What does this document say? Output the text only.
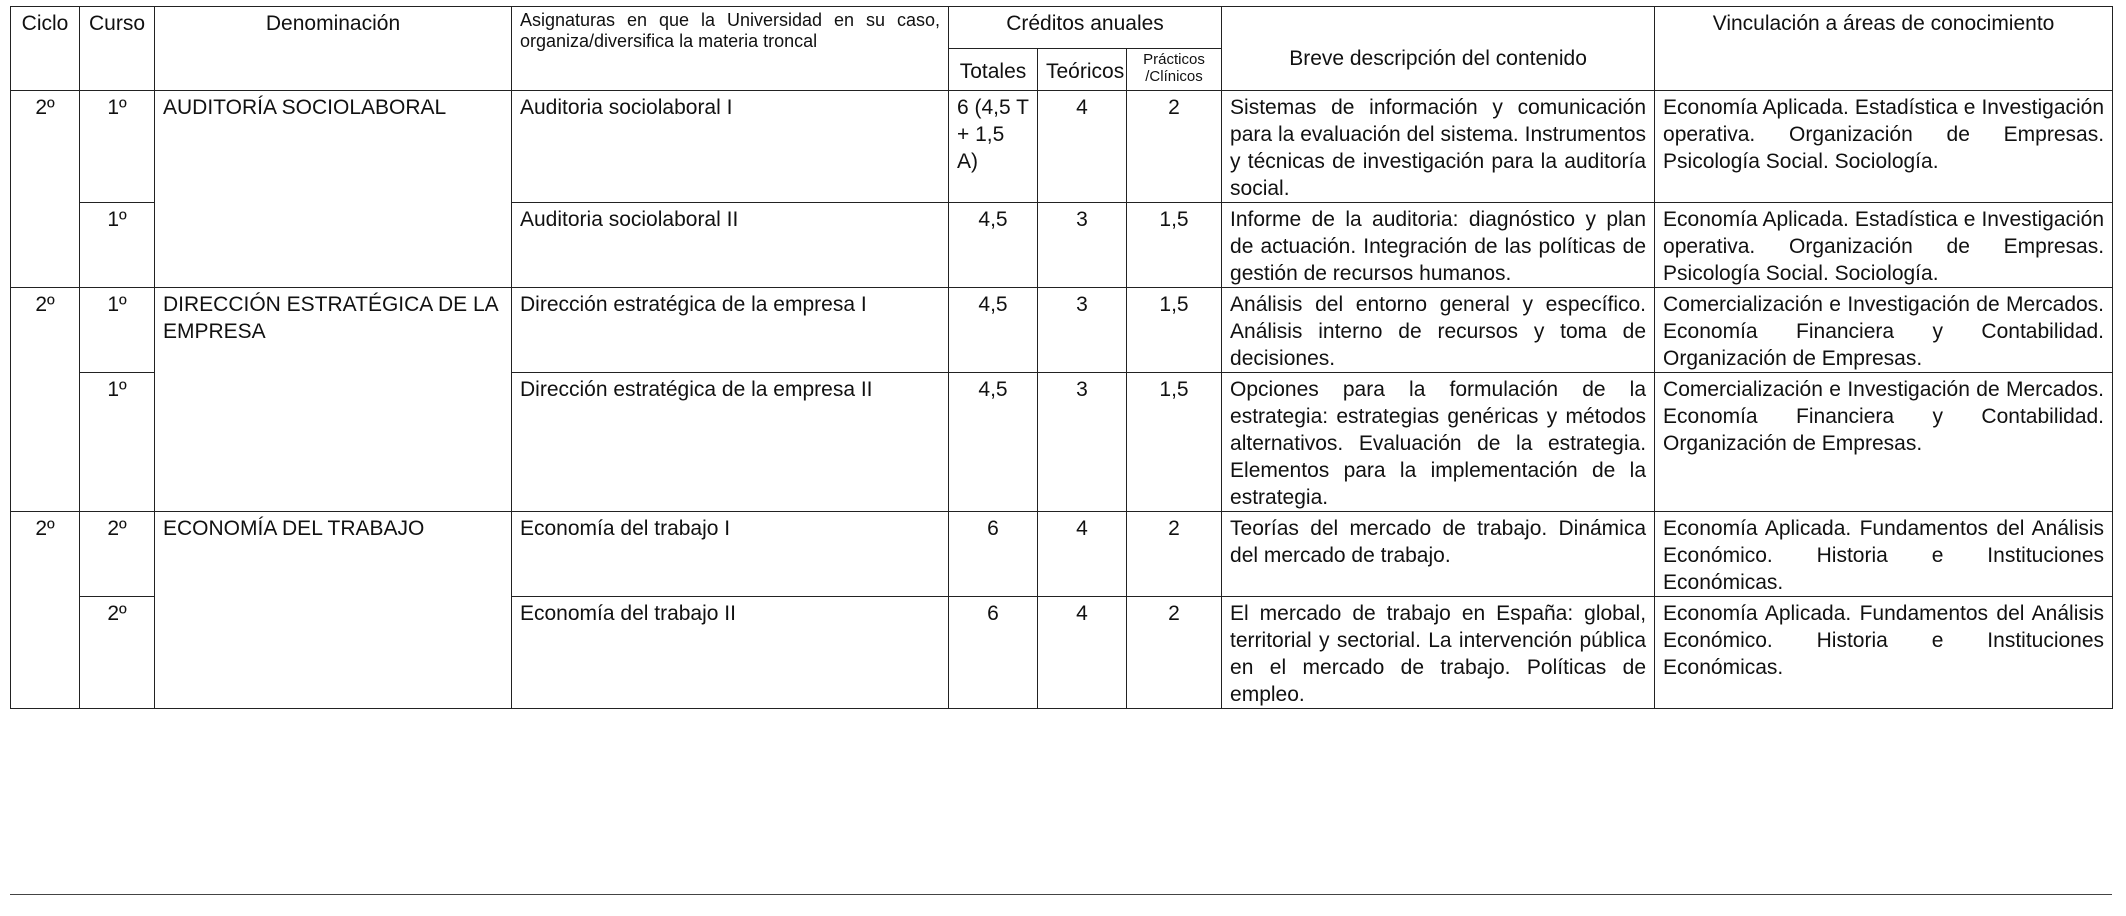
Ciclo	Curso	Denominación	Asignaturas en que la Universidad en su caso, organiza/diversifica la materia troncal	Créditos anuales			Breve descripción del contenido	Vinculación a áreas de conocimiento
				Totales	Teóricos	Prácticos /Clínicos		
2º	1º	AUDITORÍA SOCIOLABORAL	Auditoria sociolaboral I	6 (4,5 T + 1,5 A)	4	2	Sistemas de información y comunicación para la evaluación del sistema. Instrumentos y técnicas de investigación para la auditoría social.	Economía Aplicada. Estadística e Investigación operativa. Organización de Empresas. Psicología Social. Sociología.
	1º		Auditoria sociolaboral II	4,5	3	1,5	Informe de la auditoria: diagnóstico y plan de actuación. Integración de las políticas de gestión de recursos humanos.	Economía Aplicada. Estadística e Investigación operativa. Organización de Empresas. Psicología Social. Sociología.
2º	1º	DIRECCIÓN ESTRATÉGICA DE LA EMPRESA	Dirección estratégica de la empresa I	4,5	3	1,5	Análisis del entorno general y específico. Análisis interno de recursos y toma de decisiones.	Comercialización e Investigación de Mercados. Economía Financiera y Contabilidad. Organización de Empresas.
	1º		Dirección estratégica de la empresa II	4,5	3	1,5	Opciones para la formulación de la estrategia: estrategias genéricas y métodos alternativos. Evaluación de la estrategia. Elementos para la implementación de la estrategia.	Comercialización e Investigación de Mercados. Economía Financiera y Contabilidad. Organización de Empresas.
2º	2º	ECONOMÍA DEL TRABAJO	Economía del trabajo I	6	4	2	Teorías del mercado de trabajo. Dinámica del mercado de trabajo.	Economía Aplicada. Fundamentos del Análisis Económico. Historia e Instituciones Económicas.
	2º		Economía del trabajo II	6	4	2	El mercado de trabajo en España: global, territorial y sectorial. La intervención pública en el mercado de trabajo. Políticas de empleo.	Economía Aplicada. Fundamentos del Análisis Económico. Historia e Instituciones Económicas.
